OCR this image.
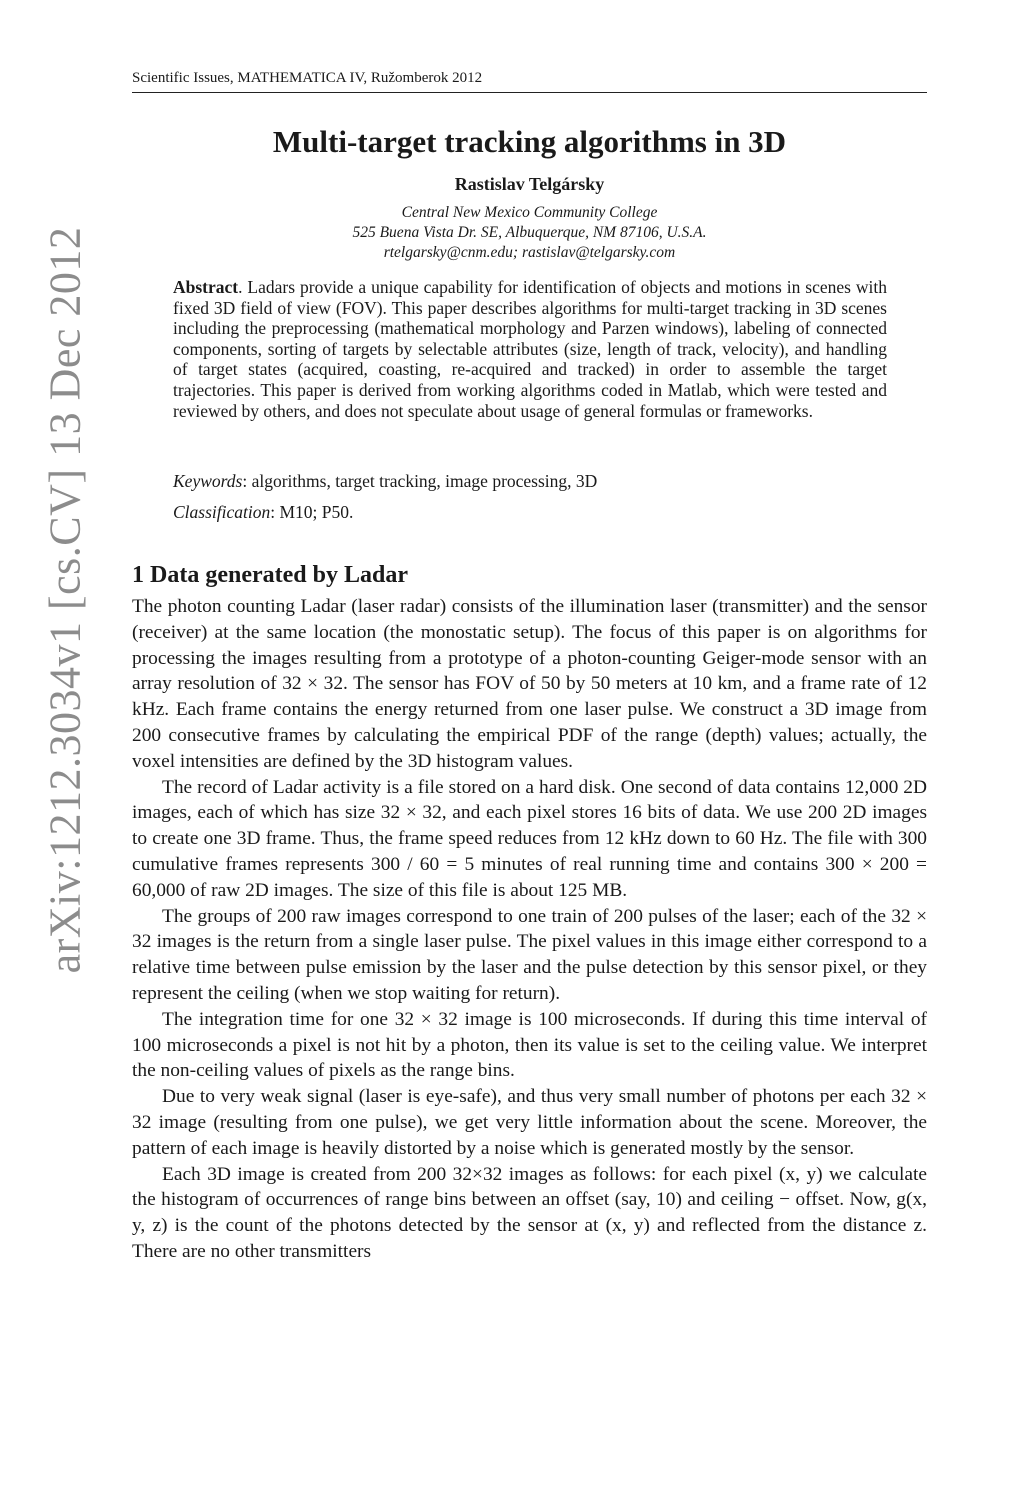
arXiv:1212.3034v1 [cs.CV] 13 Dec 2012
Scientific Issues, MATHEMATICA IV, Ružomberok 2012
Multi-target tracking algorithms in 3D
Rastislav Telgársky
Central New Mexico Community College
525 Buena Vista Dr. SE, Albuquerque, NM 87106, U.S.A.
rtelgarsky@cnm.edu; rastislav@telgarsky.com
Abstract. Ladars provide a unique capability for identification of objects and motions in scenes with fixed 3D field of view (FOV). This paper describes algorithms for multi-target tracking in 3D scenes including the preprocessing (mathematical morphology and Parzen windows), labeling of connected components, sorting of targets by selectable attributes (size, length of track, velocity), and handling of target states (acquired, coasting, re-acquired and tracked) in order to assemble the target trajectories. This paper is derived from working algorithms coded in Matlab, which were tested and reviewed by others, and does not speculate about usage of general formulas or frameworks.
Keywords: algorithms, target tracking, image processing, 3D
Classification: M10; P50.
1 Data generated by Ladar

The photon counting Ladar (laser radar) consists of the illumination laser (transmitter) and the sensor (receiver) at the same location (the monostatic setup). The focus of this paper is on algorithms for processing the images resulting from a prototype of a photon-counting Geiger-mode sensor with an array resolution of 32 × 32. The sensor has FOV of 50 by 50 meters at 10 km, and a frame rate of 12 kHz. Each frame contains the energy returned from one laser pulse. We construct a 3D image from 200 consecutive frames by calculating the empirical PDF of the range (depth) values; actually, the voxel intensities are defined by the 3D histogram values.

The record of Ladar activity is a file stored on a hard disk. One second of data contains 12,000 2D images, each of which has size 32 × 32, and each pixel stores 16 bits of data. We use 200 2D images to create one 3D frame. Thus, the frame speed reduces from 12 kHz down to 60 Hz. The file with 300 cumulative frames represents 300 / 60 = 5 minutes of real running time and contains 300 × 200 = 60,000 of raw 2D images. The size of this file is about 125 MB.

The groups of 200 raw images correspond to one train of 200 pulses of the laser; each of the 32 × 32 images is the return from a single laser pulse. The pixel values in this image either correspond to a relative time between pulse emission by the laser and the pulse detection by this sensor pixel, or they represent the ceiling (when we stop waiting for return).

The integration time for one 32 × 32 image is 100 microseconds. If during this time interval of 100 microseconds a pixel is not hit by a photon, then its value is set to the ceiling value. We interpret the non-ceiling values of pixels as the range bins.

Due to very weak signal (laser is eye-safe), and thus very small number of photons per each 32 × 32 image (resulting from one pulse), we get very little information about the scene. Moreover, the pattern of each image is heavily distorted by a noise which is generated mostly by the sensor.

Each 3D image is created from 200 32×32 images as follows: for each pixel (x, y) we calculate the histogram of occurrences of range bins between an offset (say, 10) and ceiling − offset. Now, g(x, y, z) is the count of the photons detected by the sensor at (x, y) and reflected from the distance z. There are no other transmitters
